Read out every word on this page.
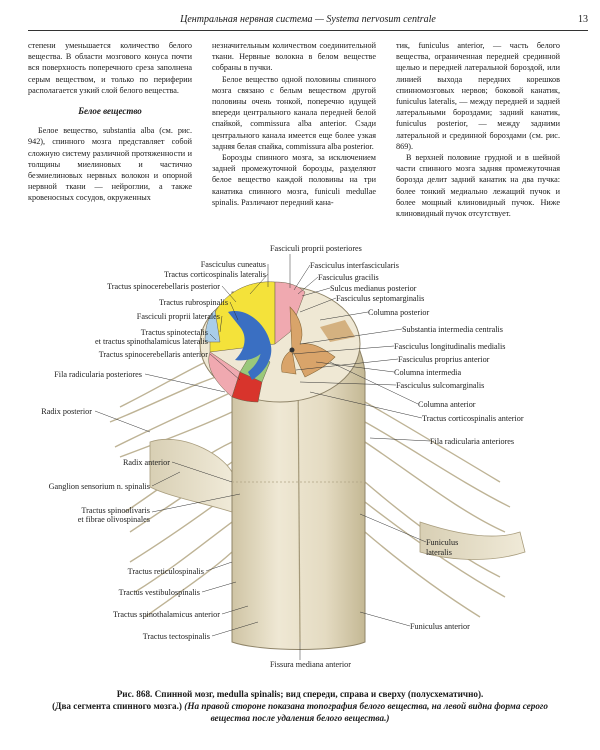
Центральная нервная система — Systema nervosum centrale	13

степени уменьшается количество белого вещества. В области мозгового конуса почти вся поверхность поперечного среза заполнена серым веществом, и только по периферии располагается узкий слой белого вещества.

Белое вещество

Белое вещество, substantia alba (см. рис. 942), спинного мозга представляет собой сложную систему различной протяженности и толщины миелиновых и частично безмиелиновых нервных волокон и опорной нервной ткани — нейроглии, а также кровеносных сосудов, окруженных

незначительным количеством соединительной ткани. Нервные волокна в белом веществе собраны в пучки.

Белое вещество одной половины спинного мозга связано с белым веществом другой половины очень тонкой, поперечно идущей впереди центрального канала передней белой спайкой, commissura alba anterior. Сзади центрального канала имеется еще более узкая задняя белая спайка, commissura alba posterior.

Борозды спинного мозга, за исключением задней промежуточной борозды, разделяют белое вещество каждой половины на три канатика спинного мозга, funiculi medullae spinalis. Различают передний кана-

тик, funiculus anterior, — часть белого вещества, ограниченная передней срединной щелью и передней латеральной бороздой, или линией выхода передних корешков спинномозговых нервов; боковой канатик, funiculus lateralis, — между передней и задней латеральными бороздами; задний канатик, funiculus posterior, — между задними латеральной и срединной бороздами (см. рис. 869).

В верхней половине грудной и в шейной части спинного мозга задняя промежуточная борозда делит задний канатик на два пучка: более тонкий медиально лежащий пучок и более мощный клиновидный пучок. Ниже клиновидный пучок отсутствует.

Fasciculus cuneatus
Tractus corticospinalis lateralis
Tractus spinocerebellaris posterior
Tractus rubrospinalis
Fasciculi proprii laterales
Tractus spinotectalis
et tractus spinothalamicus lateralis
Tractus spinocerebellaris anterior
Fila radicularia posteriores
Radix posterior
Radix anterior
Ganglion sensorium n. spinalis
Tractus spinoolivaris
et fibrae olivospinales
Tractus reticulospinalis
Tractus vestibulospinalis
Tractus spinothalamicus anterior
Tractus tectospinalis
Fasciculi proprii posteriores
Fasciculus interfascicularis
Fasciculus gracilis
Sulcus medianus posterior
Fasciculus septomarginalis
Columna posterior
Substantia intermedia centralis
Fasciculus longitudinalis medialis
Fasciculus proprius anterior
Columna intermedia
Fasciculus sulcomarginalis
Columna anterior
Tractus corticospinalis anterior
Fila radicularia anteriores
Funiculus
lateralis
Funiculus anterior
Fissura mediana anterior
Рис. 868. Спинной мозг, medulla spinalis; вид спереди, справа и сверху (полусхематично).
(Два сегмента спинного мозга.) (На правой стороне показана топография белого вещества, на левой видна форма серого
вещества после удаления белого вещества.)
